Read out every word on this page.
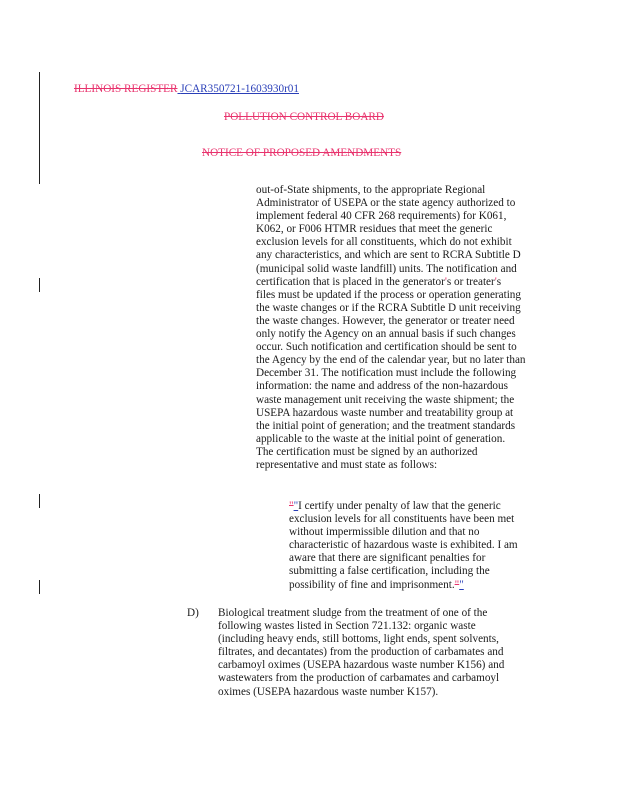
ILLINOIS REGISTER JCAR350721-1603930r01
POLLUTION CONTROL BOARD
NOTICE OF PROPOSED AMENDMENTS
out-of-State shipments, to the appropriate Regional
Administrator of USEPA or the state agency authorized to
implement federal 40 CFR 268 requirements) for K061,
K062, or F006 HTMR residues that meet the generic
exclusion levels for all constituents, which do not exhibit
any characteristics, and which are sent to RCRA Subtitle D
(municipal solid waste landfill) units. The notification and
certification that is placed in the generator's or treater's
files must be updated if the process or operation generating
the waste changes or if the RCRA Subtitle D unit receiving
the waste changes. However, the generator or treater need
only notify the Agency on an annual basis if such changes
occur. Such notification and certification should be sent to
the Agency by the end of the calendar year, but no later than
December 31. The notification must include the following
information: the name and address of the non-hazardous
waste management unit receiving the waste shipment; the
USEPA hazardous waste number and treatability group at
the initial point of generation; and the treatment standards
applicable to the waste at the initial point of generation.
The certification must be signed by an authorized
representative and must state as follows:
""I certify under penalty of law that the generic
exclusion levels for all constituents have been met
without impermissible dilution and that no
characteristic of hazardous waste is exhibited. I am
aware that there are significant penalties for
submitting a false certification, including the
possibility of fine and imprisonment.""
D) Biological treatment sludge from the treatment of one of the
following wastes listed in Section 721.132: organic waste
(including heavy ends, still bottoms, light ends, spent solvents,
filtrates, and decantates) from the production of carbamates and
carbamoyl oximes (USEPA hazardous waste number K156) and
wastewaters from the production of carbamates and carbamoyl
oximes (USEPA hazardous waste number K157).
